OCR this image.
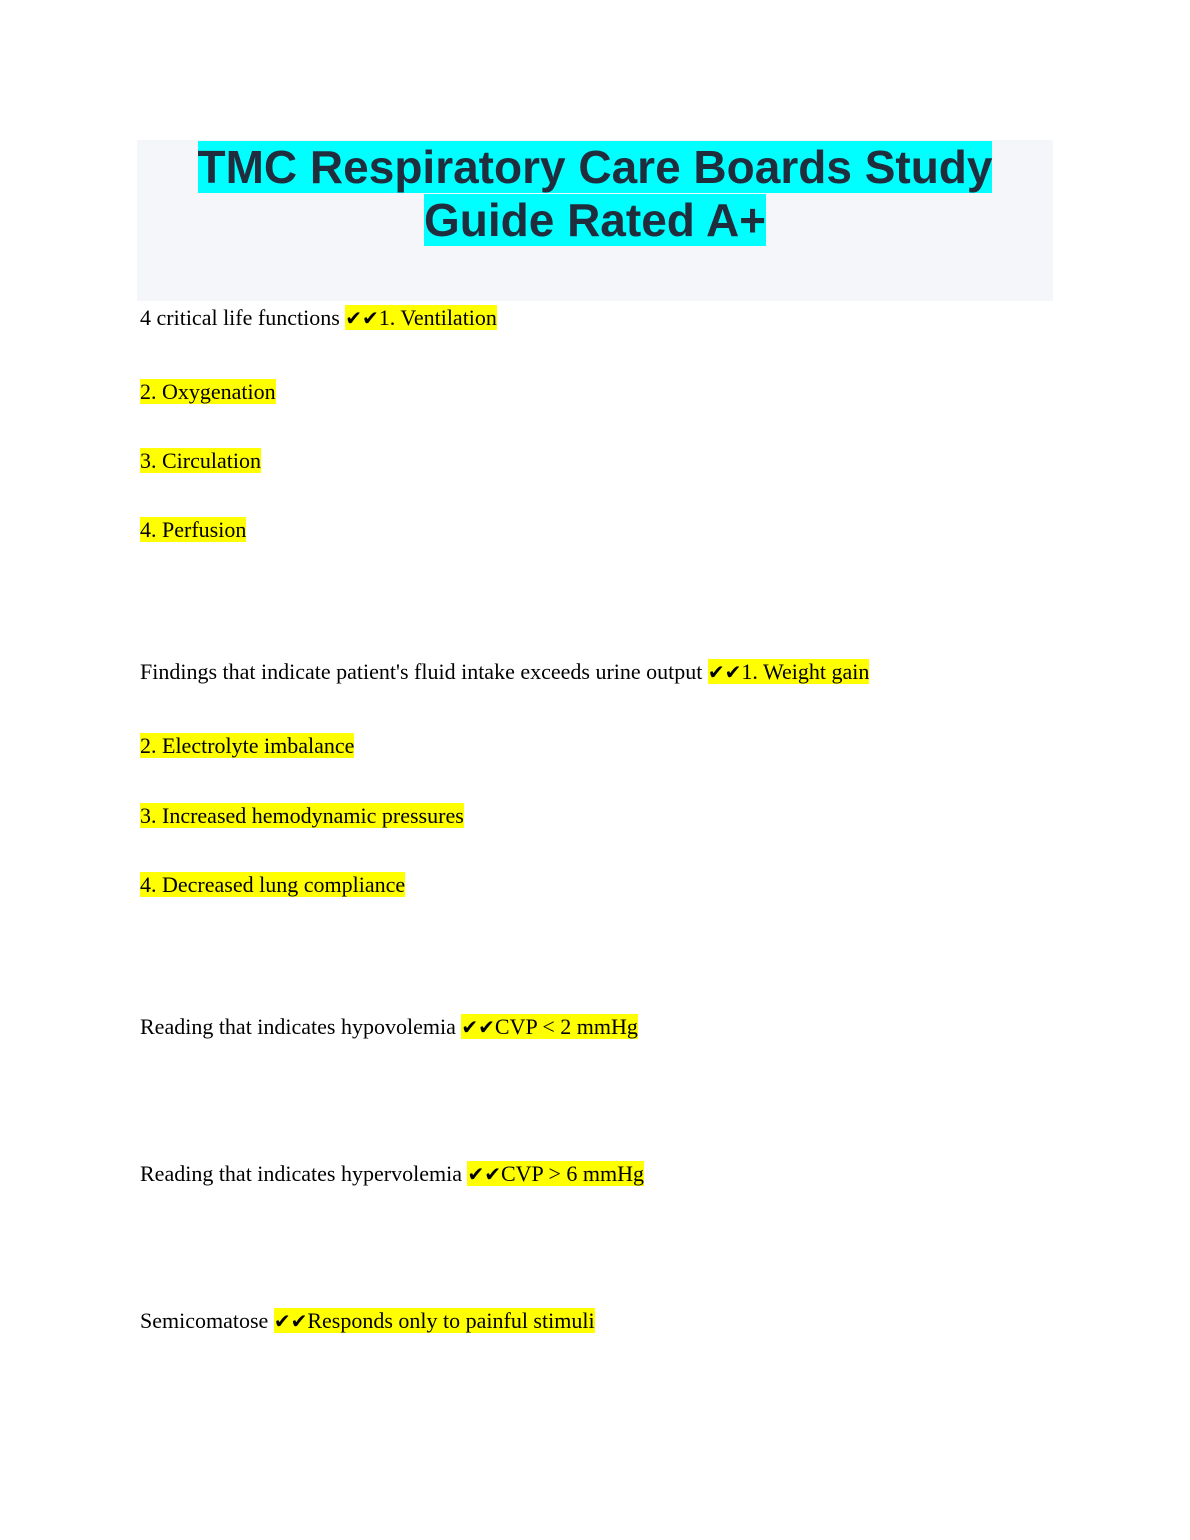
TMC Respiratory Care Boards Study
Guide Rated A+
4 critical life functions ✔✔1. Ventilation
2. Oxygenation
3. Circulation
4. Perfusion
Findings that indicate patient's fluid intake exceeds urine output ✔✔1. Weight gain
2. Electrolyte imbalance
3. Increased hemodynamic pressures
4. Decreased lung compliance
Reading that indicates hypovolemia ✔✔CVP < 2 mmHg
Reading that indicates hypervolemia ✔✔CVP > 6 mmHg
Semicomatose ✔✔Responds only to painful stimuli
